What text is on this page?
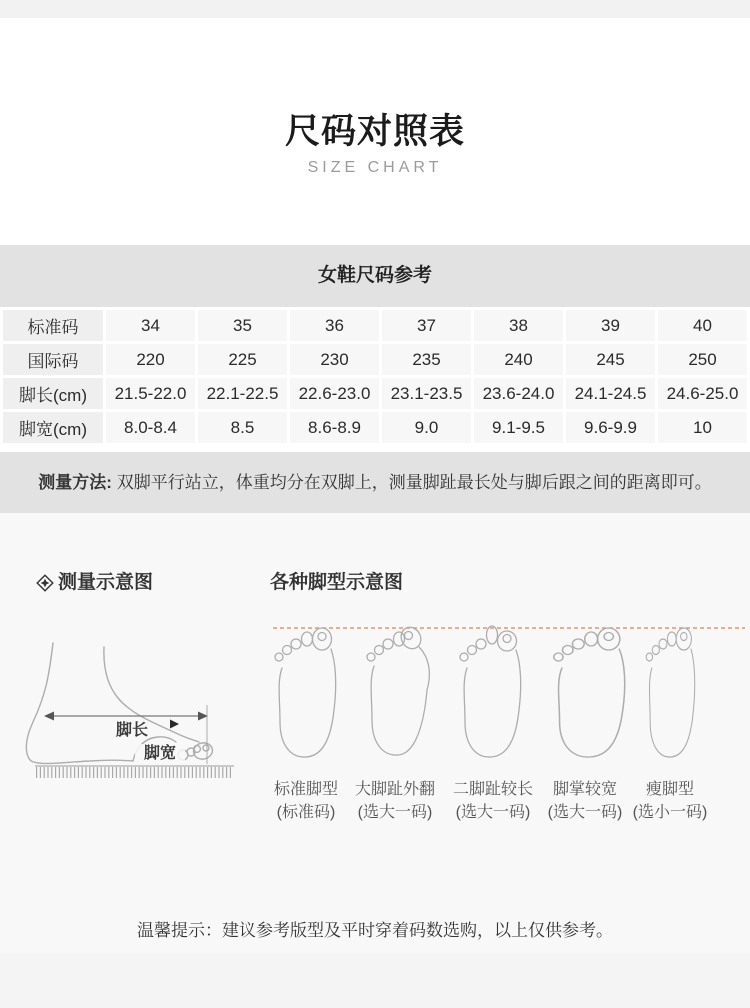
尺码对照表
SIZE CHART
女鞋尺码参考
标准码	34	35	36	37	38	39	40
国际码	220	225	230	235	240	245	250
脚长(cm)	21.5-22.0	22.1-22.5	22.6-23.0	23.1-23.5	23.6-24.0	24.1-24.5	24.6-25.0
脚宽(cm)	8.0-8.4	8.5	8.6-8.9	9.0	9.1-9.5	9.6-9.9	10
测量方法: 双脚平行站立，体重均分在双脚上，测量脚趾最长处与脚后跟之间的距离即可。
测量示意图	各种脚型示意图
脚长
脚宽
标准脚型
(标准码)
大脚趾外翻
(选大一码)
二脚趾较长
(选大一码)
脚掌较宽
(选大一码)
瘦脚型
(选小一码)
温馨提示：建议参考版型及平时穿着码数选购，以上仅供参考。
